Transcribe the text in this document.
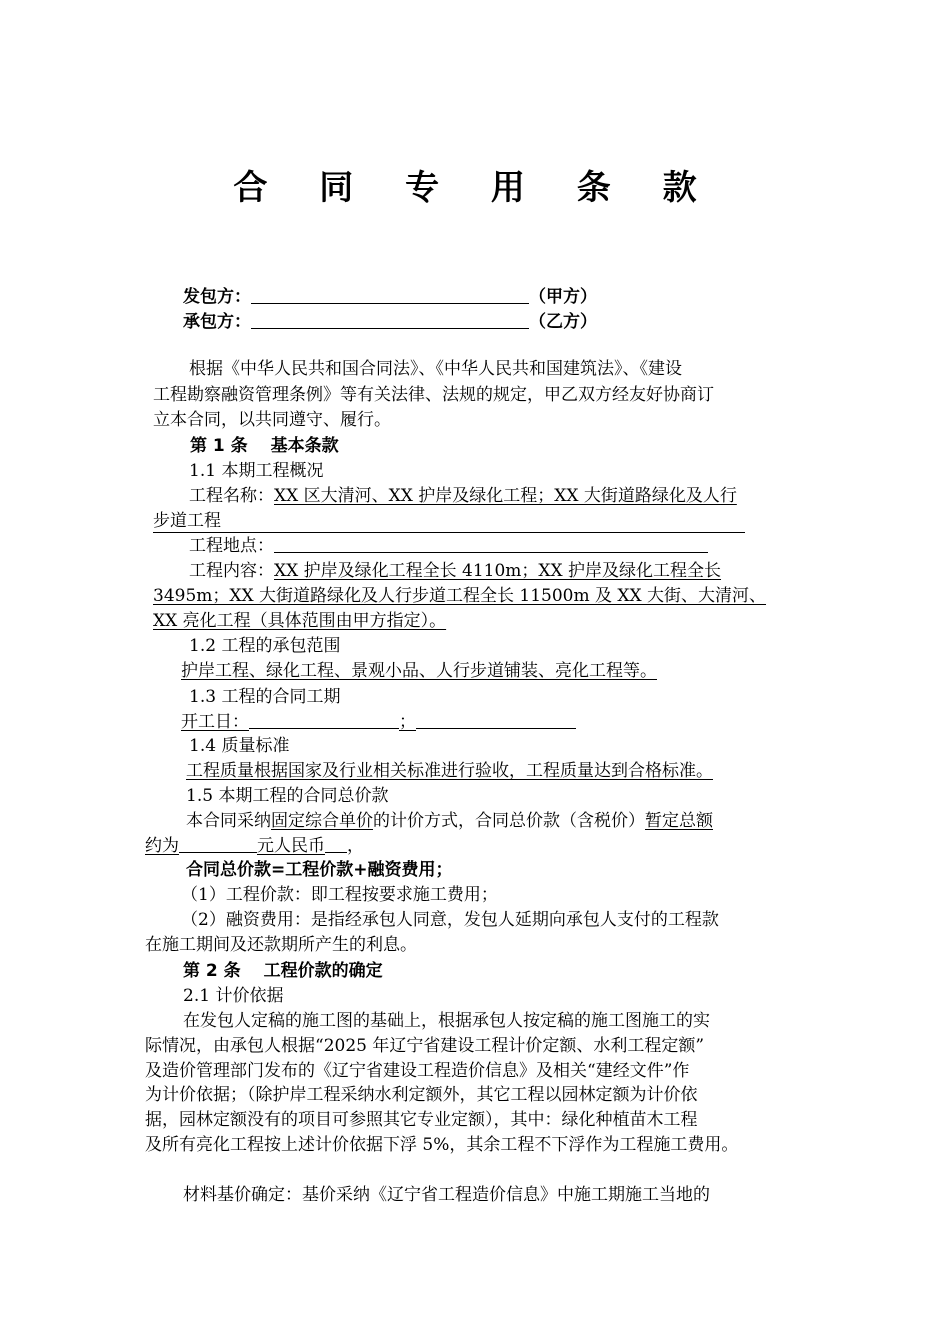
合 同 专 用 条 款
发包方：	（甲方）
承包方：	（乙方）
根据《中华人民共和国合同法》、《中华人民共和国建筑法》、《建设
工程勘察融资管理条例》等有关法律、法规的规定，甲乙双方经友好协商订
立本合同，以共同遵守、履行。
第 1 条　 基本条款
1.1 本期工程概况
工程名称：XX 区大清河、XX 护岸及绿化工程；XX 大街道路绿化及人行
步道工程
工程地点：
工程内容：XX 护岸及绿化工程全长 4110m；XX 护岸及绿化工程全长
3495m；XX 大街道路绿化及人行步道工程全长 11500m 及 XX 大街、大清河、
XX 亮化工程（具体范围由甲方指定）。
1.2 工程的承包范围
护岸工程、绿化工程、景观小品、人行步道铺装、亮化工程等。
1.3 工程的合同工期
开工日：	；
1.4 质量标准
工程质量根据国家及行业相关标准进行验收，工程质量达到合格标准。
1.5 本期工程的合同总价款
本合同采纳固定综合单价的计价方式，合同总价款（含税价）暂定总额
约为	元人民币 ，
合同总价款=工程价款+融资费用；
（1）工程价款：即工程按要求施工费用；
（2）融资费用：是指经承包人同意，发包人延期向承包人支付的工程款
在施工期间及还款期所产生的利息。
第 2 条　 工程价款的确定
2.1 计价依据
在发包人定稿的施工图的基础上，根据承包人按定稿的施工图施工的实
际情况，由承包人根据“2025 年辽宁省建设工程计价定额、水利工程定额”
及造价管理部门发布的《辽宁省建设工程造价信息》及相关“建经文件”作
为计价依据；（除护岸工程采纳水利定额外，其它工程以园林定额为计价依
据，园林定额没有的项目可参照其它专业定额），其中：绿化种植苗木工程
及所有亮化工程按上述计价依据下浮 5%，其余工程不下浮作为工程施工费用。
材料基价确定：基价采纳《辽宁省工程造价信息》中施工期施工当地的
